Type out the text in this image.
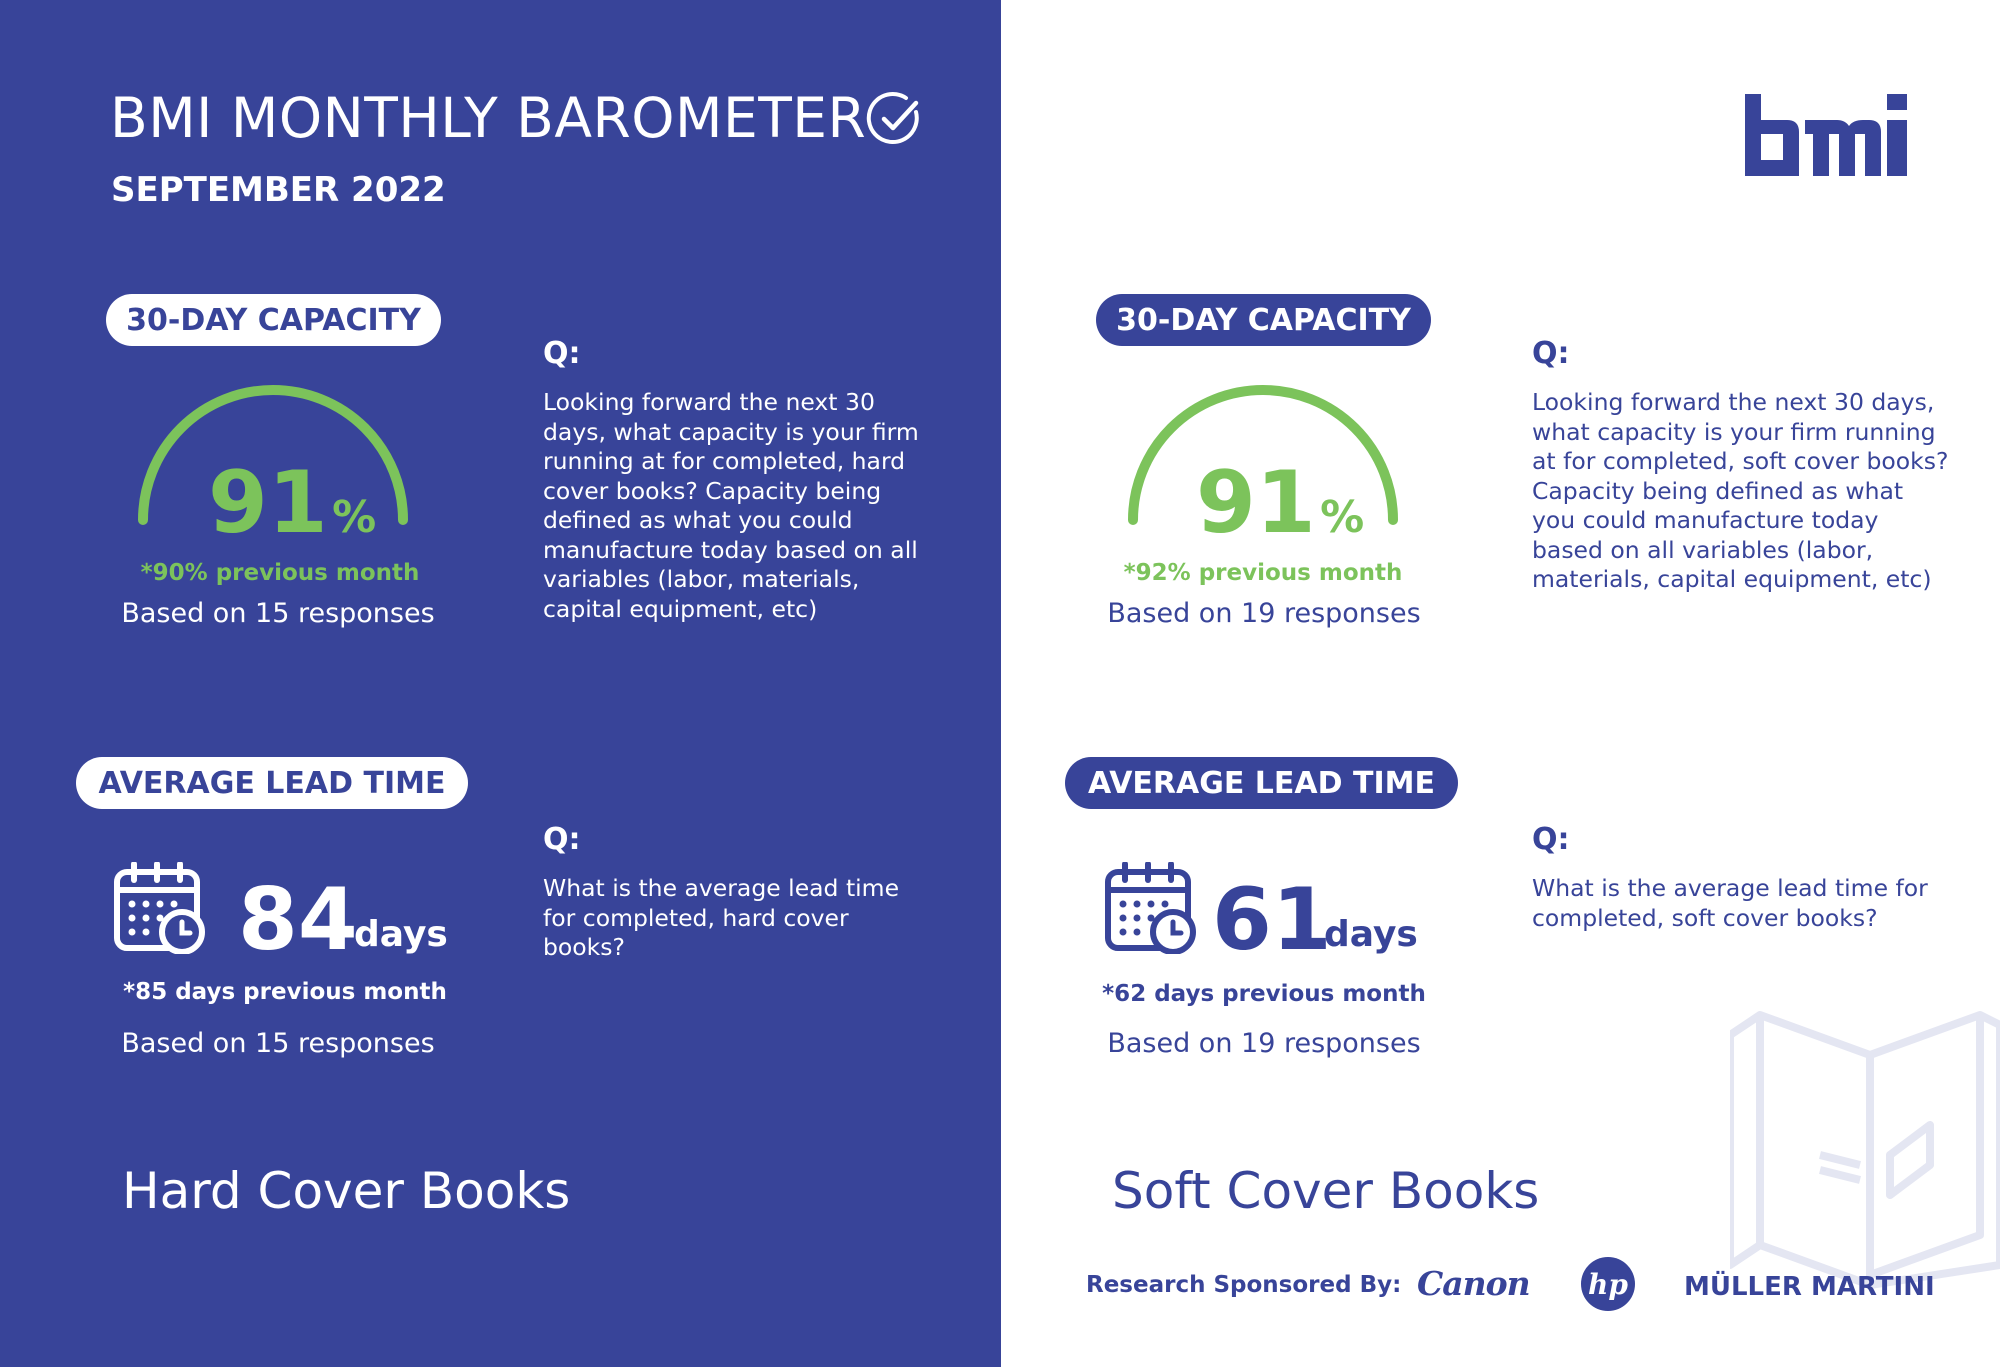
BMI MONTHLY BAROMETER
SEPTEMBER 2022
30-DAY CAPACITY
91 %
*90% previous month
Based on 15 responses
Q:
Looking forward the next 30 days, what capacity is your firm running at for completed, hard cover books? Capacity being defined as what you could manufacture today based on all variables (labor, materials, capital equipment, etc)
AVERAGE LEAD TIME
84
days
*85 days previous month
Based on 15 responses
Q:
What is the average lead time for completed, hard cover books?
Hard Cover Books
30-DAY CAPACITY
91 %
*92% previous month
Based on 19 responses
Q:
Looking forward the next 30 days, what capacity is your firm running at for completed, soft cover books? Capacity being defined as what you could manufacture today based on all variables (labor, materials, capital equipment, etc)
AVERAGE LEAD TIME
61
days
*62 days previous month
Based on 19 responses
Q:
What is the average lead time for completed, soft cover books?
Soft Cover Books
Research Sponsored By: Canon hp MÜLLER MARTINI
